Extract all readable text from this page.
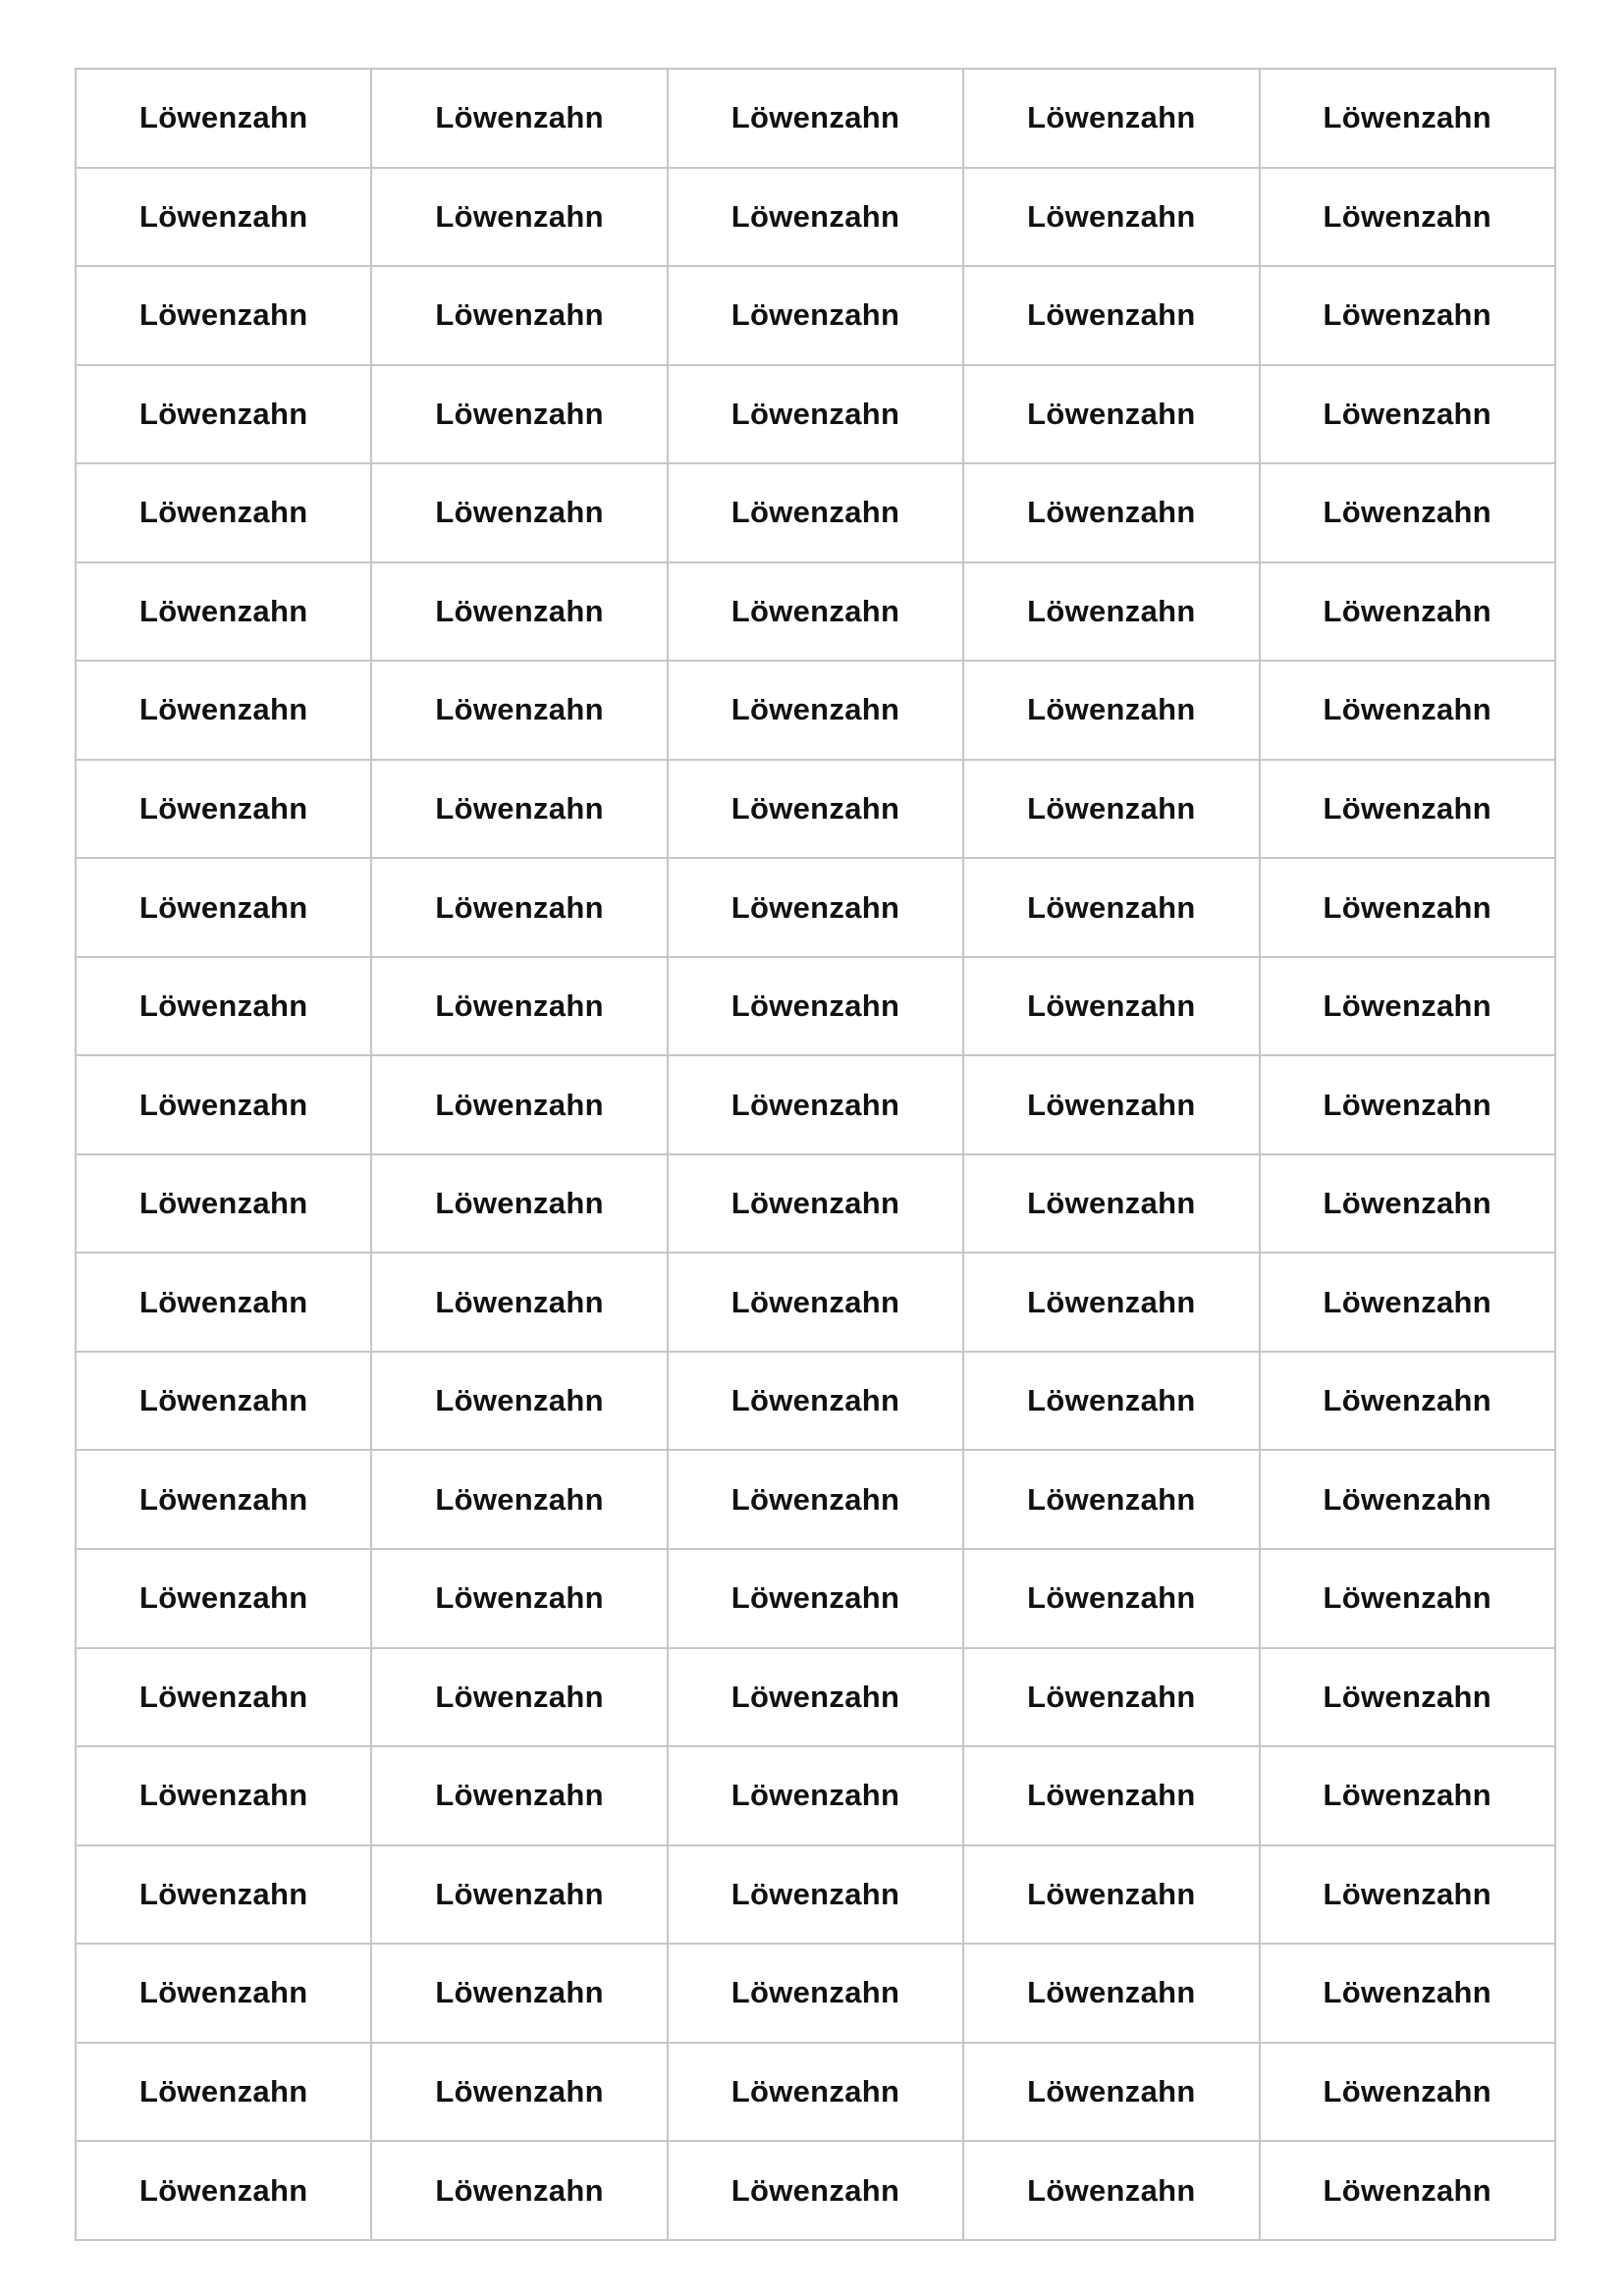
Löwenzahn	Löwenzahn	Löwenzahn	Löwenzahn	Löwenzahn
Löwenzahn	Löwenzahn	Löwenzahn	Löwenzahn	Löwenzahn
Löwenzahn	Löwenzahn	Löwenzahn	Löwenzahn	Löwenzahn
Löwenzahn	Löwenzahn	Löwenzahn	Löwenzahn	Löwenzahn
Löwenzahn	Löwenzahn	Löwenzahn	Löwenzahn	Löwenzahn
Löwenzahn	Löwenzahn	Löwenzahn	Löwenzahn	Löwenzahn
Löwenzahn	Löwenzahn	Löwenzahn	Löwenzahn	Löwenzahn
Löwenzahn	Löwenzahn	Löwenzahn	Löwenzahn	Löwenzahn
Löwenzahn	Löwenzahn	Löwenzahn	Löwenzahn	Löwenzahn
Löwenzahn	Löwenzahn	Löwenzahn	Löwenzahn	Löwenzahn
Löwenzahn	Löwenzahn	Löwenzahn	Löwenzahn	Löwenzahn
Löwenzahn	Löwenzahn	Löwenzahn	Löwenzahn	Löwenzahn
Löwenzahn	Löwenzahn	Löwenzahn	Löwenzahn	Löwenzahn
Löwenzahn	Löwenzahn	Löwenzahn	Löwenzahn	Löwenzahn
Löwenzahn	Löwenzahn	Löwenzahn	Löwenzahn	Löwenzahn
Löwenzahn	Löwenzahn	Löwenzahn	Löwenzahn	Löwenzahn
Löwenzahn	Löwenzahn	Löwenzahn	Löwenzahn	Löwenzahn
Löwenzahn	Löwenzahn	Löwenzahn	Löwenzahn	Löwenzahn
Löwenzahn	Löwenzahn	Löwenzahn	Löwenzahn	Löwenzahn
Löwenzahn	Löwenzahn	Löwenzahn	Löwenzahn	Löwenzahn
Löwenzahn	Löwenzahn	Löwenzahn	Löwenzahn	Löwenzahn
Löwenzahn	Löwenzahn	Löwenzahn	Löwenzahn	Löwenzahn
